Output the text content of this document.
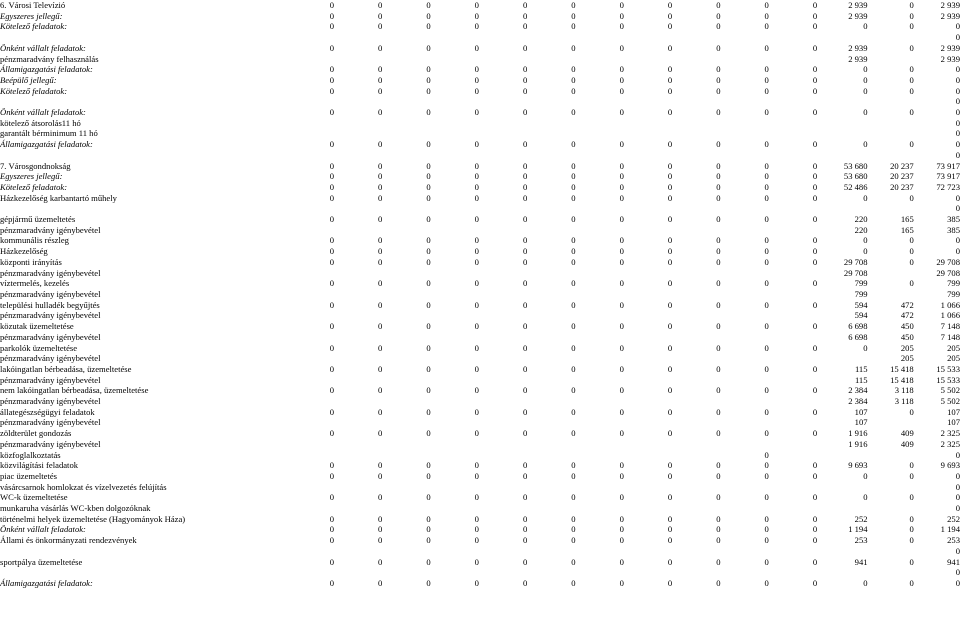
6. Városi Televízió	0	0	0	0	0	0	0	0	0	0	0	2 939	0	2 939
Egyszeres jellegű:	0	0	0	0	0	0	0	0	0	0	0	2 939	0	2 939
Kötelező feladatok:	0	0	0	0	0	0	0	0	0	0	0	0	0	0
														0
Önként vállalt feladatok:	0	0	0	0	0	0	0	0	0	0	0	2 939	0	2 939
pénzmaradvány felhasználás												2 939		2 939
Államigazgatási feladatok:	0	0	0	0	0	0	0	0	0	0	0	0	0	0
Beépülő jellegű:	0	0	0	0	0	0	0	0	0	0	0	0	0	0
Kötelező feladatok:	0	0	0	0	0	0	0	0	0	0	0	0	0	0
														0
Önként vállalt feladatok:	0	0	0	0	0	0	0	0	0	0	0	0	0	0
kötelező átsorolás11 hó														0
garantált bérminimum 11 hó														0
Államigazgatási feladatok:	0	0	0	0	0	0	0	0	0	0	0	0	0	0
														0
7. Városgondnokság	0	0	0	0	0	0	0	0	0	0	0	53 680	20 237	73 917
Egyszeres jellegű:	0	0	0	0	0	0	0	0	0	0	0	53 680	20 237	73 917
Kötelező feladatok:	0	0	0	0	0	0	0	0	0	0	0	52 486	20 237	72 723
Házkezelőség karbantartó műhely	0	0	0	0	0	0	0	0	0	0	0	0	0	0
														0
gépjármű üzemeltetés	0	0	0	0	0	0	0	0	0	0	0	220	165	385
pénzmaradvány igénybevétel												220	165	385
kommunális részleg	0	0	0	0	0	0	0	0	0	0	0	0	0	0
Házkezelőség	0	0	0	0	0	0	0	0	0	0	0	0	0	0
központi irányítás	0	0	0	0	0	0	0	0	0	0	0	29 708	0	29 708
pénzmaradvány igénybevétel												29 708		29 708
víztermelés, kezelés	0	0	0	0	0	0	0	0	0	0	0	799	0	799
pénzmaradvány igénybevétel												799		799
települési hulladék begyűjtés	0	0	0	0	0	0	0	0	0	0	0	594	472	1 066
pénzmaradvány igénybevétel												594	472	1 066
közutak üzemeltetése	0	0	0	0	0	0	0	0	0	0	0	6 698	450	7 148
pénzmaradvány igénybevétel												6 698	450	7 148
parkolók üzemeltetése	0	0	0	0	0	0	0	0	0	0	0	0	205	205
pénzmaradvány igénybevétel													205	205
lakóingatlan bérbeadása, üzemeltetése	0	0	0	0	0	0	0	0	0	0	0	115	15 418	15 533
pénzmaradvány igénybevétel												115	15 418	15 533
nem lakóingatlan bérbeadása, üzemeltetése	0	0	0	0	0	0	0	0	0	0	0	2 384	3 118	5 502
pénzmaradvány igénybevétel												2 384	3 118	5 502
állategészségügyi feladatok	0	0	0	0	0	0	0	0	0	0	0	107	0	107
pénzmaradvány igénybevétel												107		107
zöldterület gondozás	0	0	0	0	0	0	0	0	0	0	0	1 916	409	2 325
pénzmaradvány igénybevétel												1 916	409	2 325
közfoglalkoztatás										0				0
közvilágítási feladatok	0	0	0	0	0	0	0	0	0	0	0	9 693	0	9 693
piac üzemeltetés	0	0	0	0	0	0	0	0	0	0	0	0	0	0
vásárcsarnok homlokzat és vízelvezetés felújítás														0
WC-k üzemeltetése	0	0	0	0	0	0	0	0	0	0	0	0	0	0
munkaruha vásárlás WC-kben dolgozóknak														0
történelmi helyek üzemeltetése (Hagyományok Háza)	0	0	0	0	0	0	0	0	0	0	0	252	0	252
Önként vállalt feladatok:	0	0	0	0	0	0	0	0	0	0	0	1 194	0	1 194
Állami és önkormányzati rendezvények	0	0	0	0	0	0	0	0	0	0	0	253	0	253
														0
sportpálya üzemeltetése	0	0	0	0	0	0	0	0	0	0	0	941	0	941
														0
Államigazgatási feladatok:	0	0	0	0	0	0	0	0	0	0	0	0	0	0
